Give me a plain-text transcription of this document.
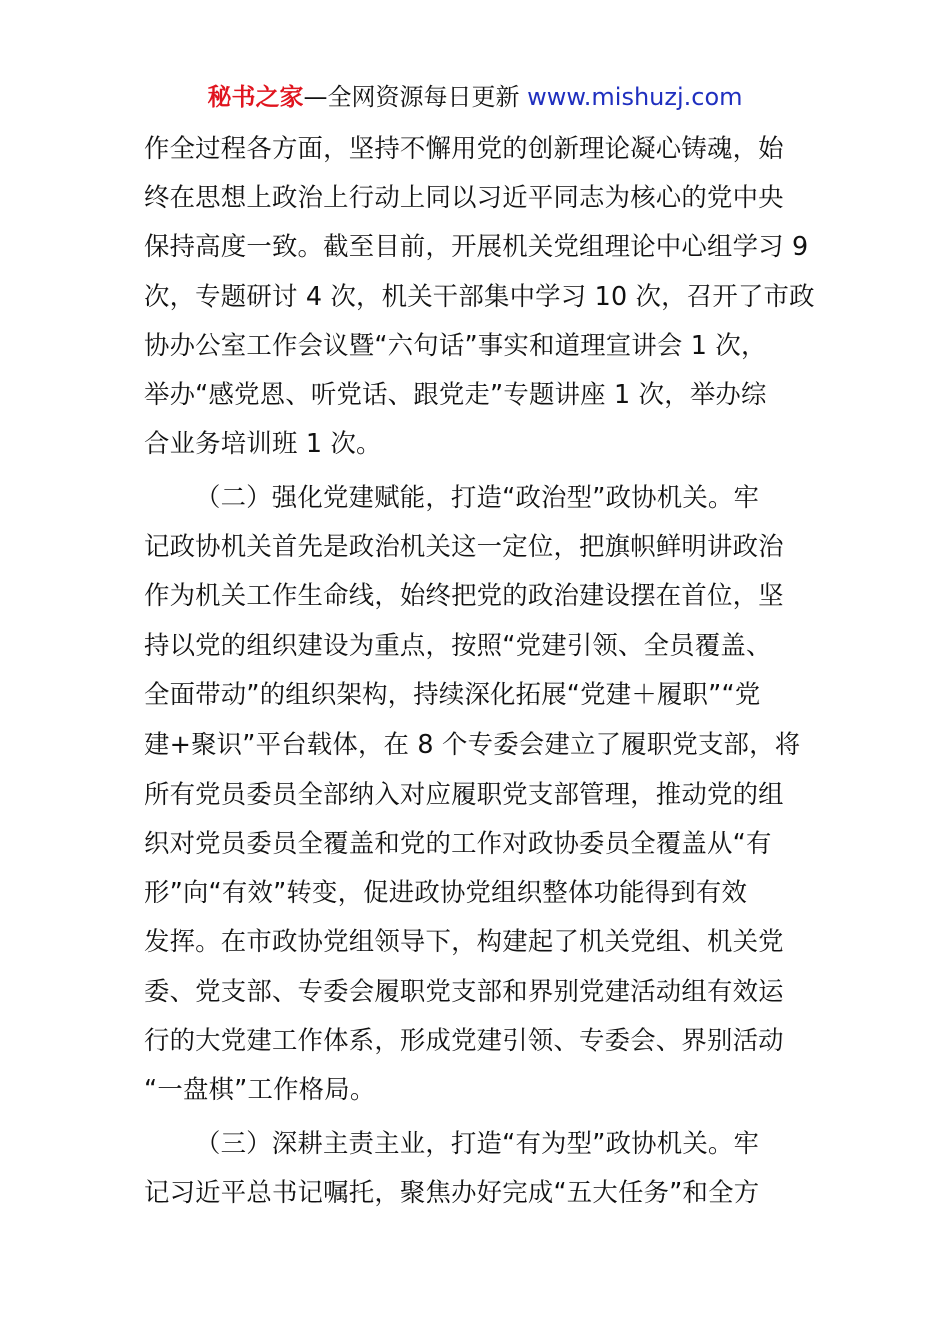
秘书之家—全网资源每日更新 www.mishuzj.com
作全过程各方面，坚持不懈用党的创新理论凝心铸魂，始
终在思想上政治上行动上同以习近平同志为核心的党中央
保持高度一致。截至目前，开展机关党组理论中心组学习 9
次，专题研讨 4 次，机关干部集中学习 10 次，召开了市政
协办公室工作会议暨“六句话”事实和道理宣讲会 1 次，
举办“感党恩、听党话、跟党走”专题讲座 1 次，举办综
合业务培训班 1 次。
（二）强化党建赋能，打造“政治型”政协机关。牢
记政协机关首先是政治机关这一定位，把旗帜鲜明讲政治
作为机关工作生命线，始终把党的政治建设摆在首位，坚
持以党的组织建设为重点，按照“党建引领、全员覆盖、
全面带动”的组织架构，持续深化拓展“党建＋履职”“党
建+聚识”平台载体，在 8 个专委会建立了履职党支部，将
所有党员委员全部纳入对应履职党支部管理，推动党的组
织对党员委员全覆盖和党的工作对政协委员全覆盖从“有
形”向“有效”转变，促进政协党组织整体功能得到有效
发挥。在市政协党组领导下，构建起了机关党组、机关党
委、党支部、专委会履职党支部和界别党建活动组有效运
行的大党建工作体系，形成党建引领、专委会、界别活动
“一盘棋”工作格局。
（三）深耕主责主业，打造“有为型”政协机关。牢
记习近平总书记嘱托，聚焦办好完成“五大任务”和全方
